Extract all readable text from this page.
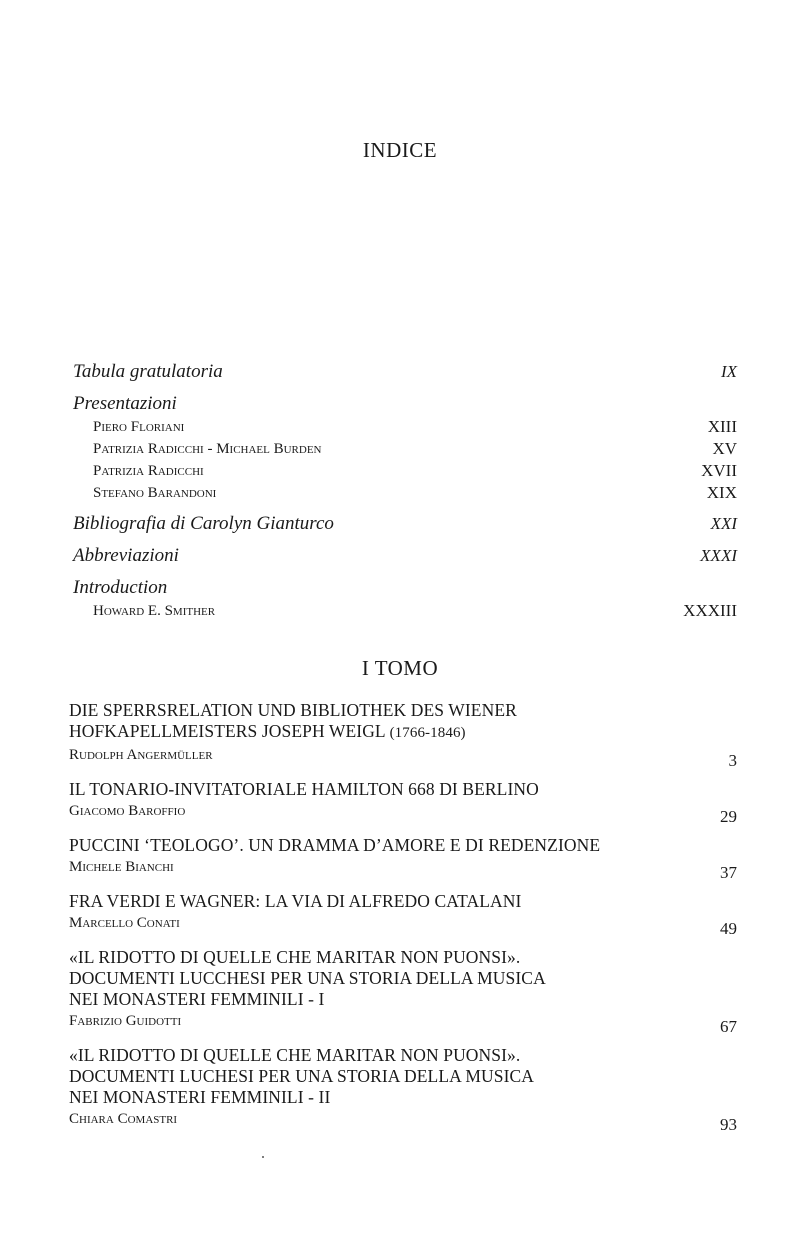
INDICE
Tabula gratulatoria	IX
Presentazioni
Piero Floriani	XIII
Patrizia Radicchi - Michael Burden	XV
Patrizia Radicchi	XVII
Stefano Barandoni	XIX
Bibliografia di Carolyn Gianturco	XXI
Abbreviazioni	XXXI
Introduction
Howard E. Smither	XXXIII
I TOMO
DIE SPERRSRELATION UND BIBLIOTHEK DES WIENER
HOFKAPELLMEISTERS JOSEPH WEIGL (1766-1846)
Rudolph Angermüller	3
IL TONARIO-INVITATORIALE HAMILTON 668 DI BERLINO
Giacomo Baroffio	29
PUCCINI ‘TEOLOGO’. UN DRAMMA D’AMORE E DI REDENZIONE
Michele Bianchi	37
FRA VERDI E WAGNER: LA VIA DI ALFREDO CATALANI
Marcello Conati	49
«IL RIDOTTO DI QUELLE CHE MARITAR NON PUONSI».
DOCUMENTI LUCCHESI PER UNA STORIA DELLA MUSICA
NEI MONASTERI FEMMINILI - I
Fabrizio Guidotti	67
«IL RIDOTTO DI QUELLE CHE MARITAR NON PUONSI».
DOCUMENTI LUCHESI PER UNA STORIA DELLA MUSICA
NEI MONASTERI FEMMINILI - II
Chiara Comastri	93
